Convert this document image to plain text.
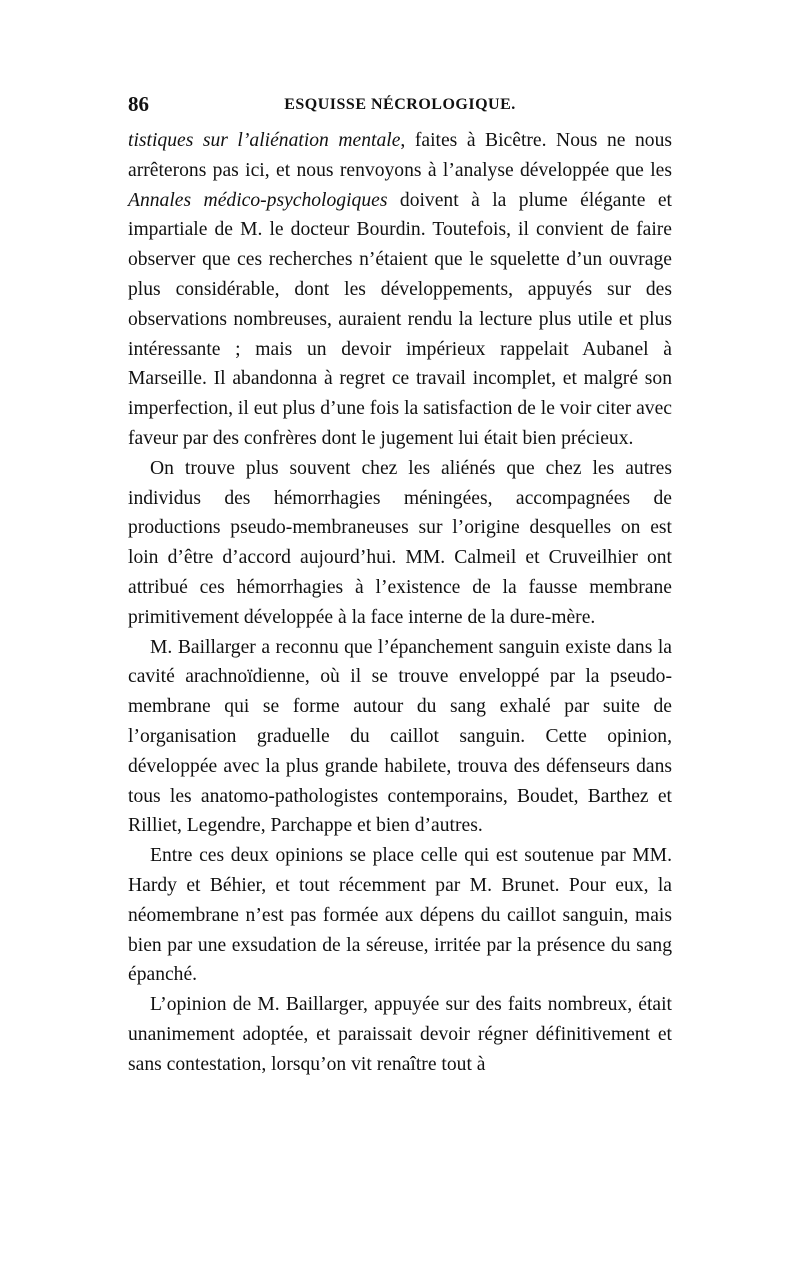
86	ESQUISSE NÉCROLOGIQUE.

tistiques sur l’aliénation mentale, faites à Bicêtre. Nous ne nous arrêterons pas ici, et nous renvoyons à l’analyse développée que les Annales médico-psychologiques doivent à la plume élégante et impartiale de M. le docteur Bourdin. Toutefois, il convient de faire observer que ces recherches n’étaient que le squelette d’un ouvrage plus considérable, dont les développements, appuyés sur des observations nombreuses, auraient rendu la lecture plus utile et plus intéressante ; mais un devoir impérieux rappelait Aubanel à Marseille. Il abandonna à regret ce travail incomplet, et malgré son imperfection, il eut plus d’une fois la satisfaction de le voir citer avec faveur par des confrères dont le jugement lui était bien précieux.

On trouve plus souvent chez les aliénés que chez les autres individus des hémorrhagies méningées, accompagnées de productions pseudo-membraneuses sur l’origine desquelles on est loin d’être d’accord aujourd’hui. MM. Calmeil et Cruveilhier ont attribué ces hémorrhagies à l’existence de la fausse membrane primitivement développée à la face interne de la dure-mère.

M. Baillarger a reconnu que l’épanchement sanguin existe dans la cavité arachnoïdienne, où il se trouve enveloppé par la pseudo-membrane qui se forme autour du sang exhalé par suite de l’organisation graduelle du caillot sanguin. Cette opinion, développée avec la plus grande habilete, trouva des défenseurs dans tous les anatomo-pathologistes contemporains, Boudet, Barthez et Rilliet, Legendre, Parchappe et bien d’autres.

Entre ces deux opinions se place celle qui est soutenue par MM. Hardy et Béhier, et tout récemment par M. Brunet. Pour eux, la néomembrane n’est pas formée aux dépens du caillot sanguin, mais bien par une exsudation de la séreuse, irritée par la présence du sang épanché.

L’opinion de M. Baillarger, appuyée sur des faits nombreux, était unanimement adoptée, et paraissait devoir régner définitivement et sans contestation, lorsqu’on vit renaître tout à
